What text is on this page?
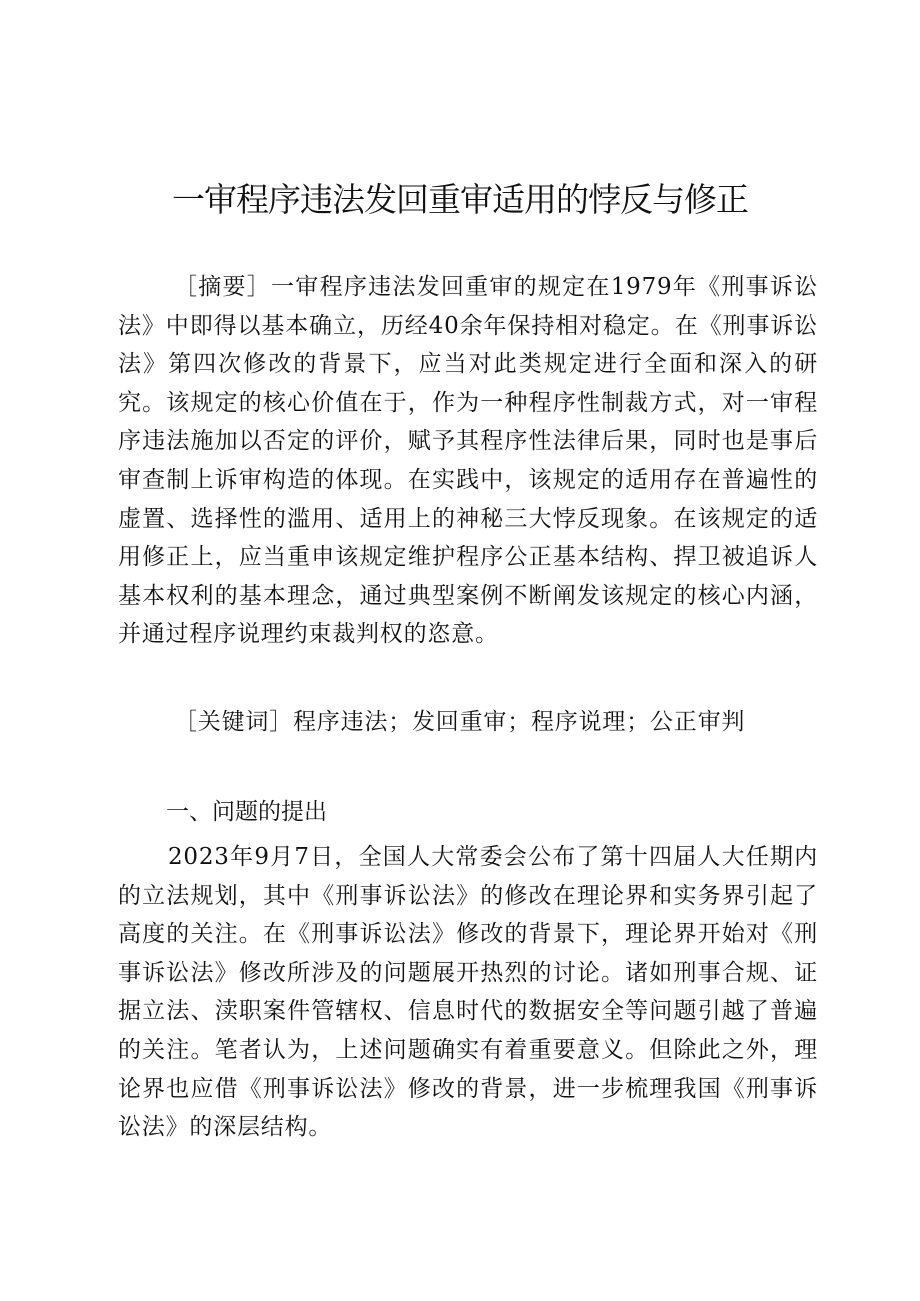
一审程序违法发回重审适用的悖反与修正

［摘要］一审程序违法发回重审的规定在1979年《刑事诉讼法》中即得以基本确立，历经40余年保持相对稳定。在《刑事诉讼法》第四次修改的背景下，应当对此类规定进行全面和深入的研究。该规定的核心价值在于，作为一种程序性制裁方式，对一审程序违法施加以否定的评价，赋予其程序性法律后果，同时也是事后审查制上诉审构造的体现。在实践中，该规定的适用存在普遍性的虚置、选择性的滥用、适用上的神秘三大悖反现象。在该规定的适用修正上，应当重申该规定维护程序公正基本结构、捍卫被追诉人基本权利的基本理念，通过典型案例不断阐发该规定的核心内涵，并通过程序说理约束裁判权的恣意。

［关键词］程序违法；发回重审；程序说理；公正审判

一、问题的提出

2023年9月7日，全国人大常委会公布了第十四届人大任期内的立法规划，其中《刑事诉讼法》的修改在理论界和实务界引起了高度的关注。在《刑事诉讼法》修改的背景下，理论界开始对《刑事诉讼法》修改所涉及的问题展开热烈的讨论。诸如刑事合规、证据立法、渎职案件管辖权、信息时代的数据安全等问题引越了普遍的关注。笔者认为，上述问题确实有着重要意义。但除此之外，理论界也应借《刑事诉讼法》修改的背景，进一步梳理我国《刑事诉讼法》的深层结构。
